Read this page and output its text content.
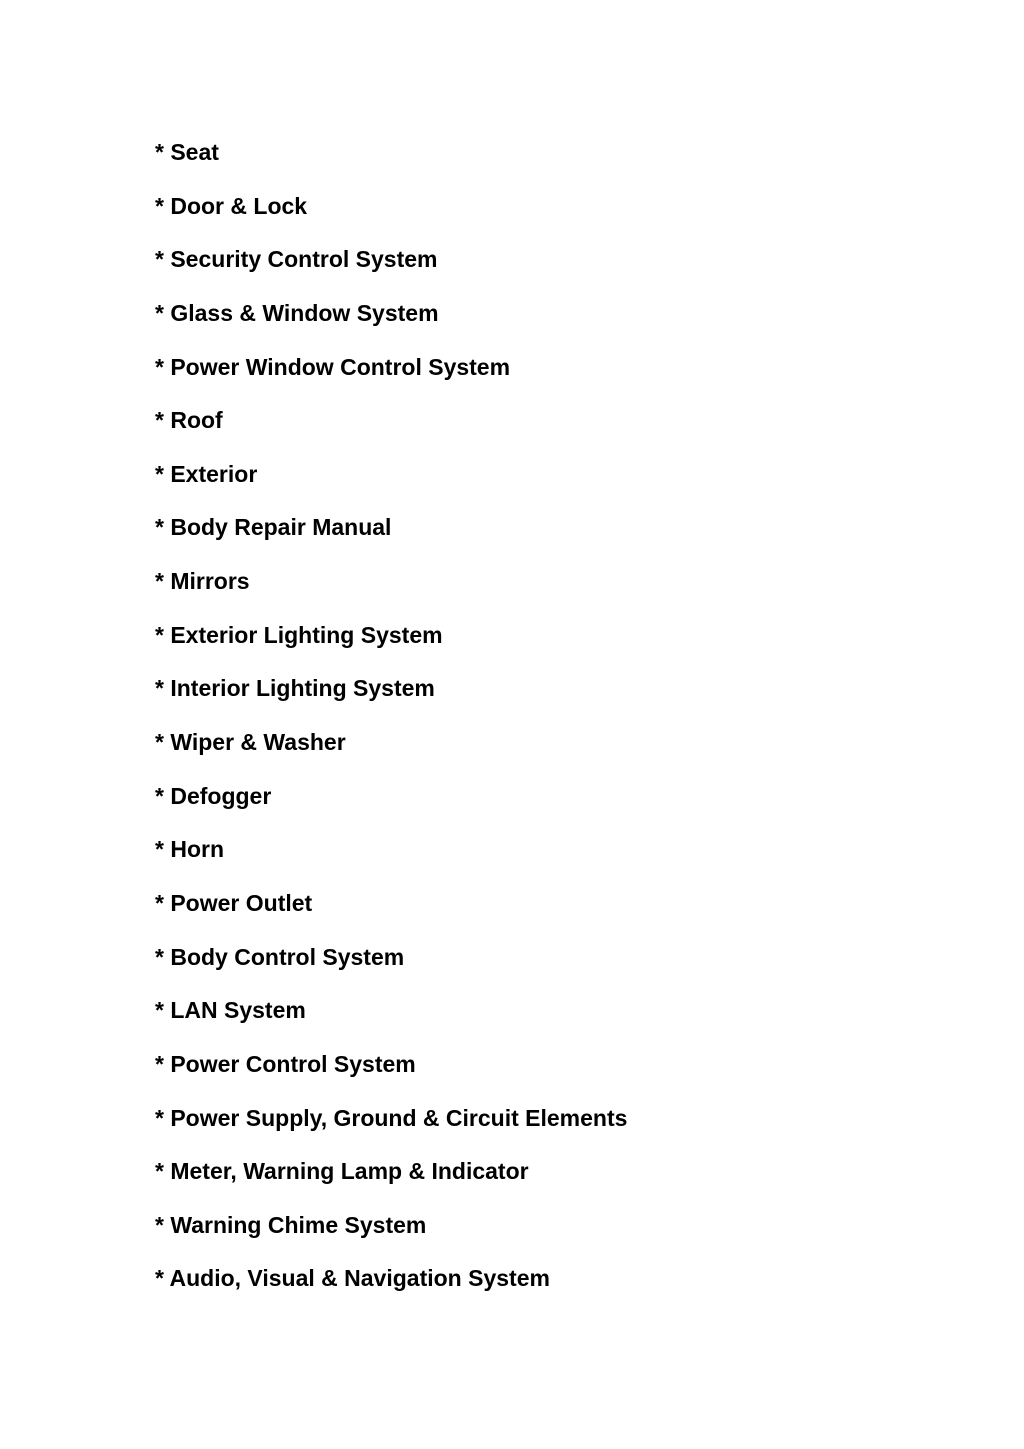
* Seat
* Door & Lock
* Security Control System
* Glass & Window System
* Power Window Control System
* Roof
* Exterior
* Body Repair Manual
* Mirrors
* Exterior Lighting System
* Interior Lighting System
* Wiper & Washer
* Defogger
* Horn
* Power Outlet
* Body Control System
* LAN System
* Power Control System
* Power Supply, Ground & Circuit Elements
* Meter, Warning Lamp & Indicator
* Warning Chime System
* Audio, Visual & Navigation System
